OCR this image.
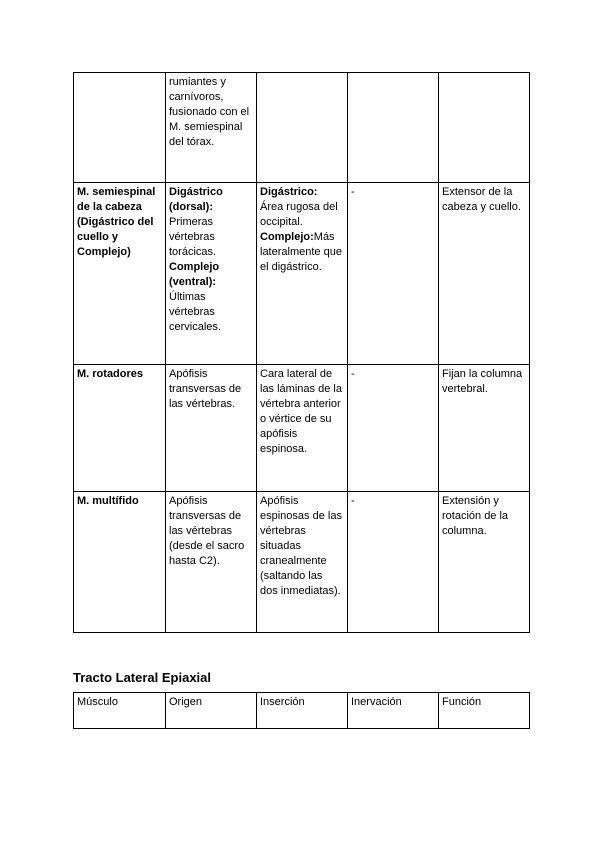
	rumiantes y carnívoros, fusionado con el M. semiespinal del tórax.			
M. semiespinal de la cabeza (Digástrico del cuello y Complejo)	Digástrico (dorsal):
Primeras vértebras torácicas.
Complejo (ventral):
Últimas vértebras cervicales.	Digástrico: Área rugosa del occipital. Complejo:Más lateralmente que el digástrico.	-	Extensor de la cabeza y cuello.
M. rotadores	Apófisis transversas de las vértebras.	Cara lateral de las láminas de la vértebra anterior o vértice de su apófisis espinosa.	-	Fijan la columna vertebral.
M. multífido	Apófisis transversas de las vértebras (desde el sacro hasta C2).	Apófisis espinosas de las vértebras situadas cranealmente (saltando las dos inmediatas).	-	Extensión y rotación de la columna.
Tracto Lateral Epiaxial
Músculo	Origen	Inserción	Inervación	Función
